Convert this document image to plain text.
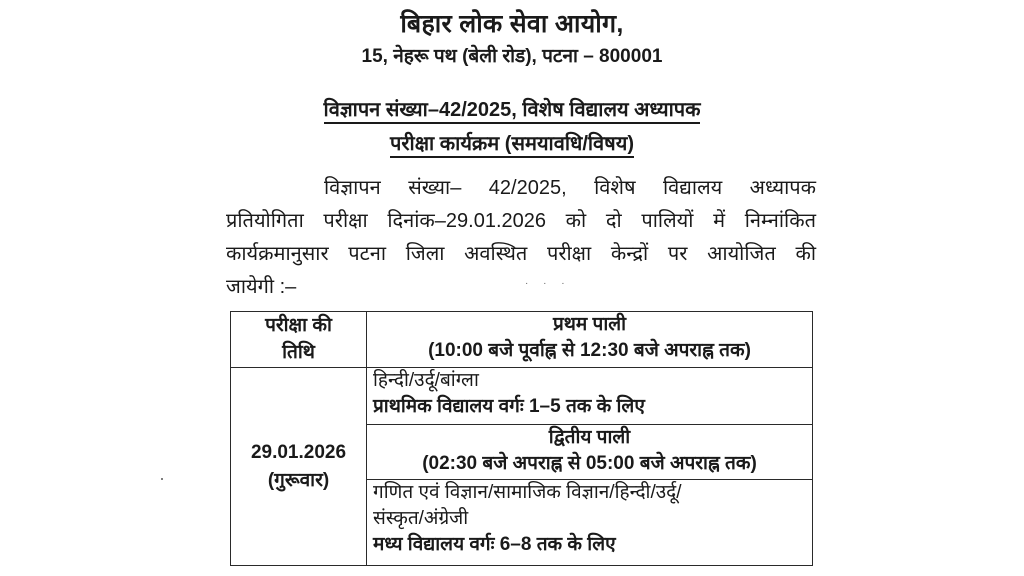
बिहार लोक सेवा आयोग,
15, नेहरू पथ (बेली रोड), पटना – 800001
विज्ञापन संख्या–42/2025, विशेष विद्यालय अध्यापक
परीक्षा कार्यक्रम (समयावधि/विषय)
विज्ञापन संख्या– 42/2025, विशेष विद्यालय अध्यापक
प्रतियोगिता परीक्षा दिनांक–29.01.2026 को दो पालियों में निम्नांकित
कार्यक्रमानुसार पटना जिला अवस्थित परीक्षा केन्द्रों पर आयोजित की
जायेगी :–	· · ·
परीक्षा की
तिथि	प्रथम पाली
(10:00 बजे पूर्वाह्न से 12:30 बजे अपराह्न तक)

29.01.2026
(गुरूवार)	हिन्दी/उर्दू/बांग्ला
प्राथमिक विद्यालय वर्गः 1–5 तक के लिए

	द्वितीय पाली
(02:30 बजे अपराह्न से 05:00 बजे अपराह्न तक)

	गणित एवं विज्ञान/सामाजिक विज्ञान/हिन्दी/उर्दू/
संस्कृत/अंग्रेजी
मध्य विद्यालय वर्गः 6–8 तक के लिए
